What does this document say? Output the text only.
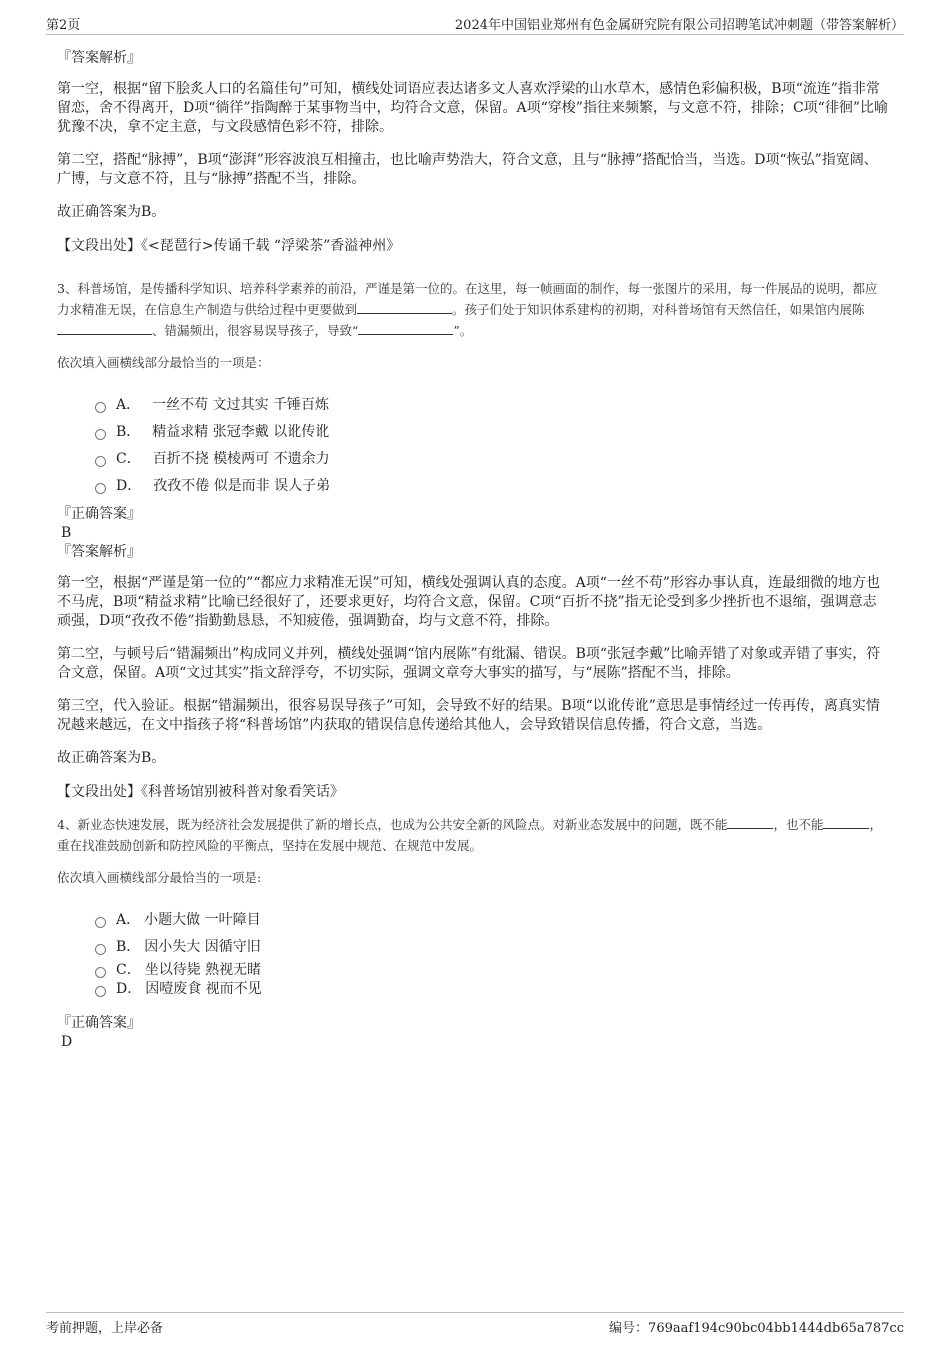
第2页	2024年中国铝业郑州有色金属研究院有限公司招聘笔试冲刺题（带答案解析）
『答案解析』

第一空，根据“留下脍炙人口的名篇佳句”可知，横线处词语应表达诸多文人喜欢浮梁的山水草木，感情色彩偏积极，B项“流连”指非常留恋，舍不得离开，D项“徜徉”指陶醉于某事物当中，均符合文意，保留。A项“穿梭”指往来频繁，与文意不符，排除；C项“徘徊”比喻犹豫不决，拿不定主意，与文段感情色彩不符，排除。

第二空，搭配“脉搏”，B项“澎湃”形容波浪互相撞击，也比喻声势浩大，符合文意，且与“脉搏”搭配恰当，当选。D项“恢弘”指宽阔、广博，与文意不符，且与“脉搏”搭配不当，排除。

故正确答案为B。

【文段出处】《<琵琶行>传诵千载 “浮梁茶”香溢神州》
3、科普场馆，是传播科学知识、培养科学素养的前沿，严谨是第一位的。在这里，每一帧画面的制作，每一张图片的采用，每一件展品的说明，都应力求精准无误，在信息生产制造与供给过程中更要做到	。孩子们处于知识体系建构的初期，对科普场馆有天然信任，如果馆内展陈、错漏频出，很容易误导孩子，导致“	”。
依次填入画横线部分最恰当的一项是：
A． 一丝不苟 文过其实 千锤百炼
B． 精益求精 张冠李戴 以讹传讹
C． 百折不挠 模棱两可 不遗余力
D． 孜孜不倦 似是而非 误人子弟
『正确答案』
B
『答案解析』

第一空，根据“严谨是第一位的”“都应力求精准无误”可知，横线处强调认真的态度。A项“一丝不苟”形容办事认真，连最细微的地方也不马虎，B项“精益求精”比喻已经很好了，还要求更好，均符合文意，保留。C项“百折不挠”指无论受到多少挫折也不退缩，强调意志顽强，D项“孜孜不倦”指勤勤恳恳，不知疲倦，强调勤奋，均与文意不符，排除。

第二空，与顿号后“错漏频出”构成同义并列，横线处强调“馆内展陈”有纰漏、错误。B项“张冠李戴”比喻弄错了对象或弄错了事实，符合文意，保留。A项“文过其实”指文辞浮夸，不切实际，强调文章夸大事实的描写，与“展陈”搭配不当，排除。

第三空，代入验证。根据“错漏频出，很容易误导孩子”可知，会导致不好的结果。B项“以讹传讹”意思是事情经过一传再传，离真实情况越来越远，在文中指孩子将“科普场馆”内获取的错误信息传递给其他人，会导致错误信息传播，符合文意，当选。

故正确答案为B。

【文段出处】《科普场馆别被科普对象看笑话》
4、新业态快速发展，既为经济社会发展提供了新的增长点，也成为公共安全新的风险点。对新业态发展中的问题，既不能	，也不能	，重在找准鼓励创新和防控风险的平衡点，坚持在发展中规范、在规范中发展。
依次填入画横线部分最恰当的一项是:
A． 小题大做 一叶障目
B． 因小失大 因循守旧
C． 坐以待毙 熟视无睹
D． 因噎废食 视而不见
『正确答案』
D
考前押题，上岸必备	编号：769aaf194c90bc04bb1444db65a787cc
